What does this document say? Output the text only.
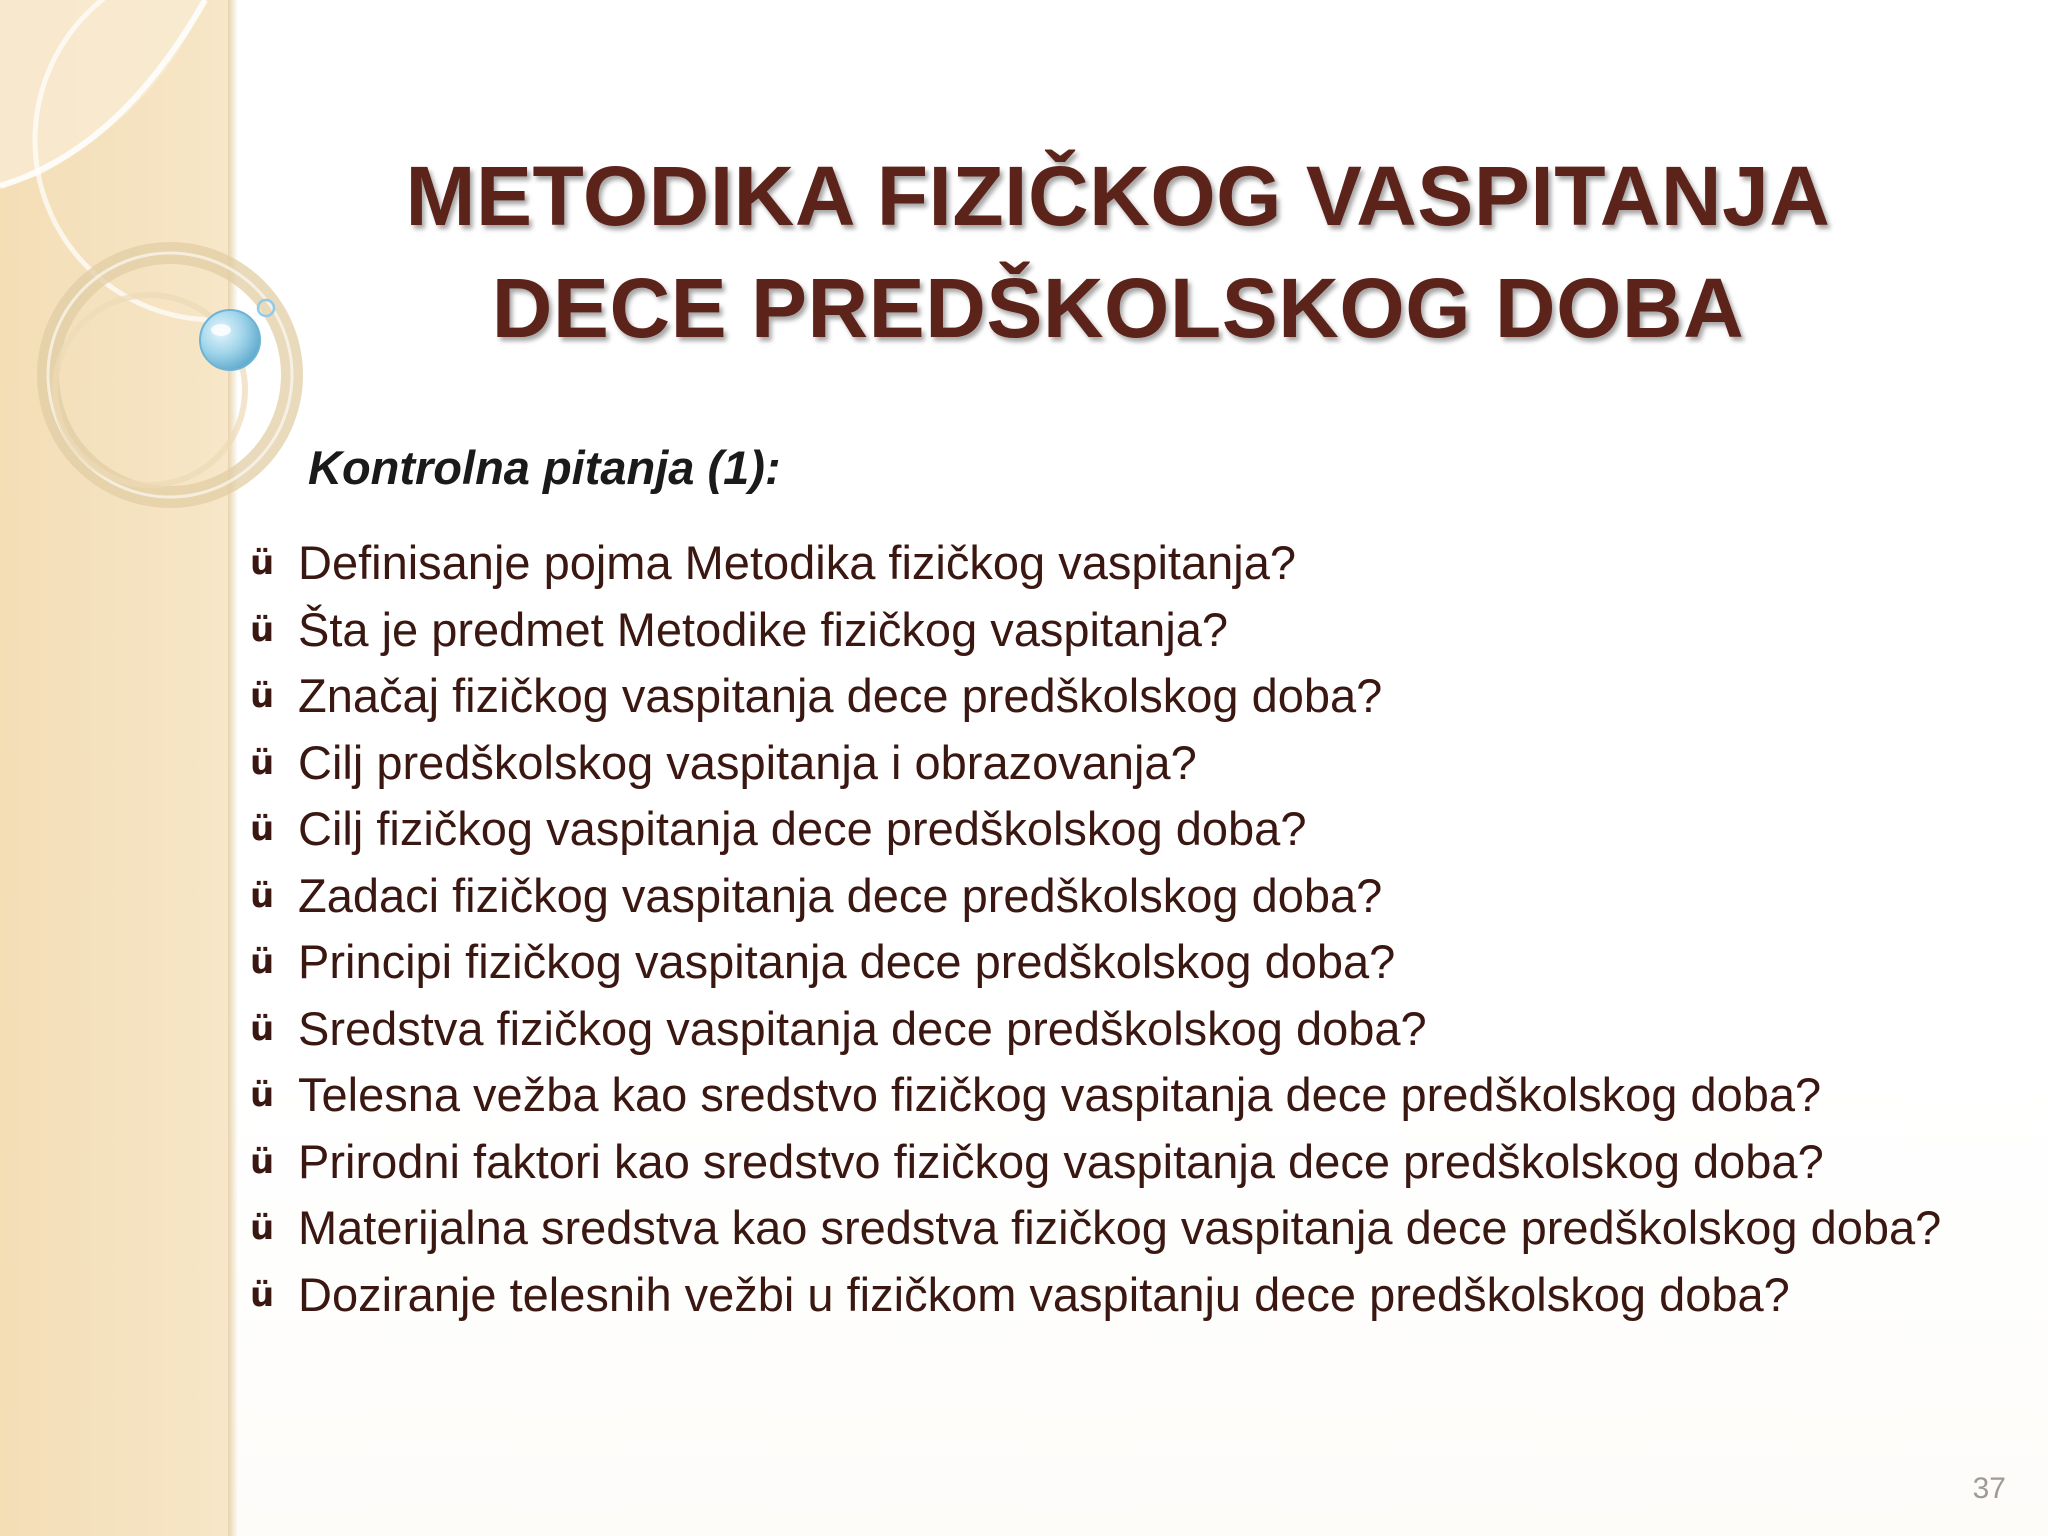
METODIKA FIZIČKOG VASPITANJA
DECE PREDŠKOLSKOG DOBA

Kontrolna pitanja (1):

ü Definisanje pojma Metodika fizičkog vaspitanja?
ü Šta je predmet Metodike fizičkog vaspitanja?
ü Značaj fizičkog vaspitanja dece predškolskog doba?
ü Cilj predškolskog vaspitanja i obrazovanja?
ü Cilj fizičkog vaspitanja dece predškolskog doba?
ü Zadaci fizičkog vaspitanja dece predškolskog doba?
ü Principi fizičkog vaspitanja dece predškolskog doba?
ü Sredstva fizičkog vaspitanja dece predškolskog doba?
ü Telesna vežba kao sredstvo fizičkog vaspitanja dece predškolskog doba?
ü Prirodni faktori kao sredstvo fizičkog vaspitanja dece predškolskog doba?
ü Materijalna sredstva kao sredstva fizičkog vaspitanja dece predškolskog doba?
ü Doziranje telesnih vežbi u fizičkom vaspitanju dece predškolskog doba?

37
